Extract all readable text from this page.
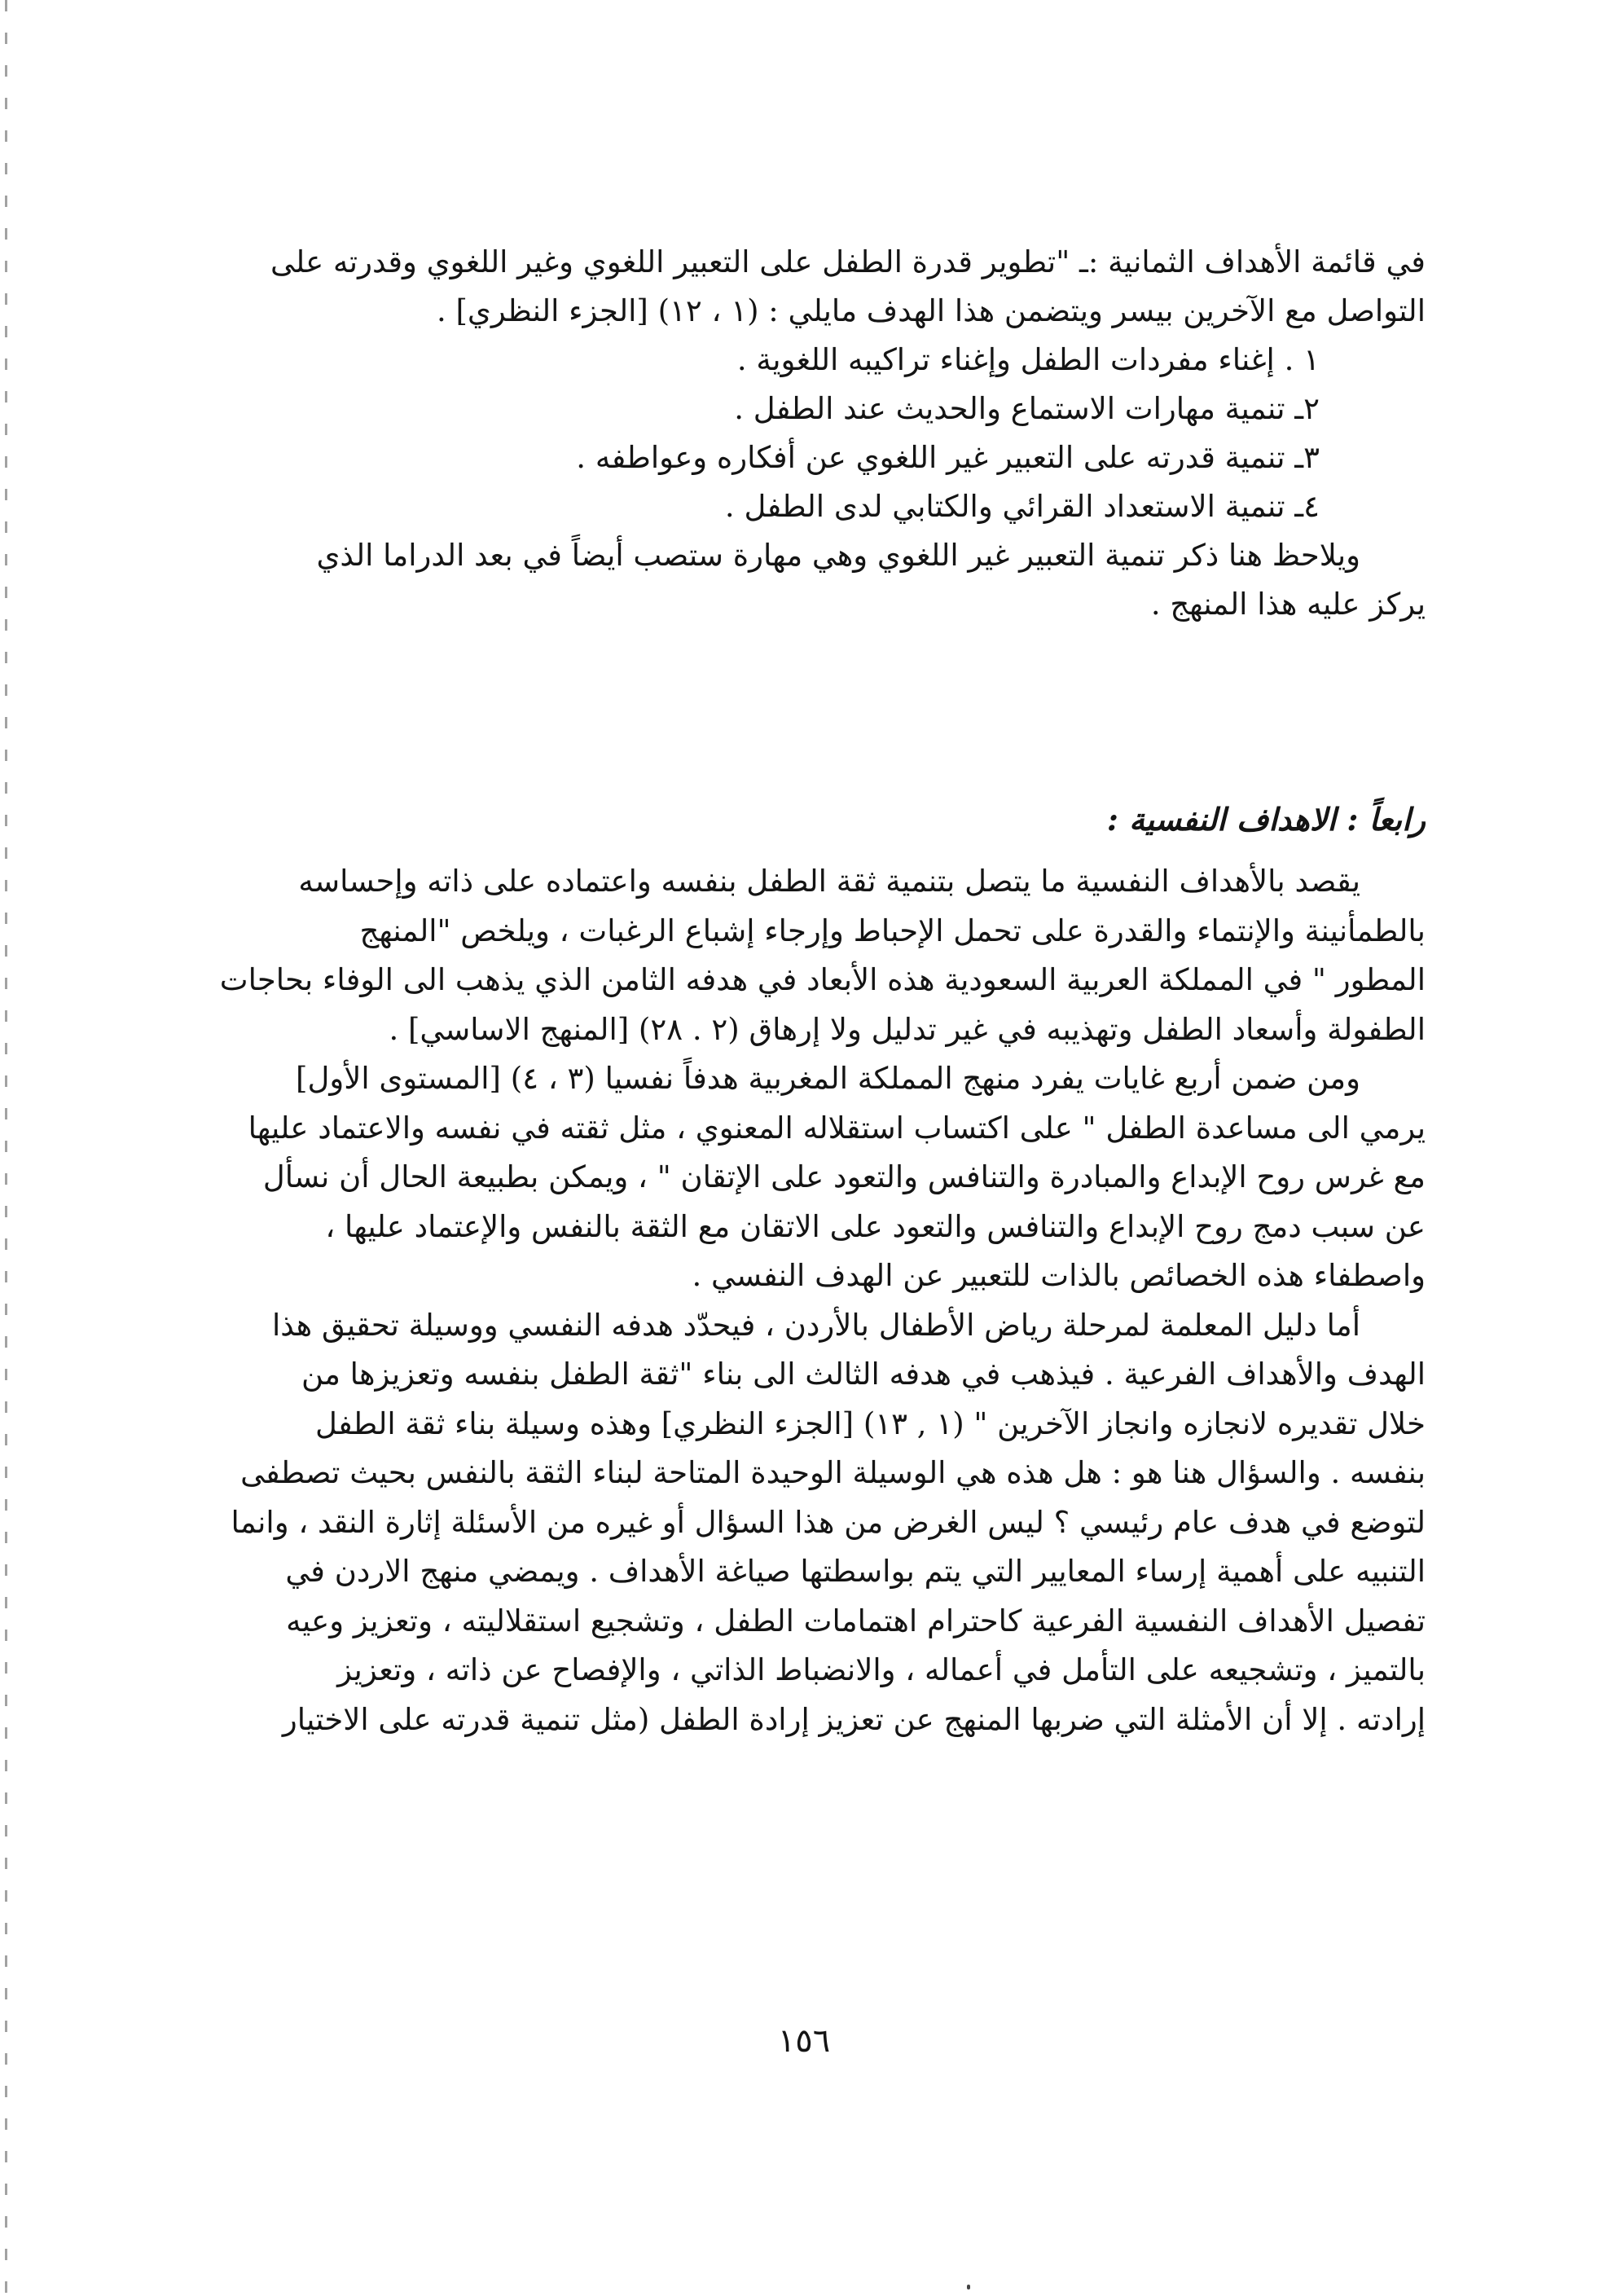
في قائمة الأهداف الثمانية :ـ "تطوير قدرة الطفل على التعبير اللغوي وغير اللغوي وقدرته على
التواصل مع الآخرين بيسر ويتضمن هذا الهدف مايلي : (١ ، ١٢) [الجزء النظري] .
١ . إغناء مفردات الطفل وإغناء تراكيبه اللغوية .
٢ـ تنمية مهارات الاستماع والحديث عند الطفل .
٣ـ تنمية قدرته على التعبير غير اللغوي عن أفكاره وعواطفه .
٤ـ تنمية الاستعداد القرائي والكتابي لدى الطفل .
ويلاحظ هنا ذكر تنمية التعبير غير اللغوي وهي مهارة ستصب أيضاً في بعد الدراما الذي
يركز عليه هذا المنهج .
رابعاً : الاهداف النفسية :
يقصد بالأهداف النفسية ما يتصل بتنمية ثقة الطفل بنفسه واعتماده على ذاته وإحساسه
بالطمأنينة والإنتماء والقدرة على تحمل الإحباط وإرجاء إشباع الرغبات ، ويلخص "المنهج
المطور " في المملكة العربية السعودية هذه الأبعاد في هدفه الثامن الذي يذهب الى الوفاء بحاجات
الطفولة وأسعاد الطفل وتهذيبه في غير تدليل ولا إرهاق (٢ . ٢٨) [المنهج الاساسي] .
ومن ضمن أربع غايات يفرد منهج المملكة المغربية هدفاً نفسيا (٣ ، ٤) [المستوى الأول]
يرمي الى مساعدة الطفل " على اكتساب استقلاله المعنوي ، مثل ثقته في نفسه والاعتماد عليها
مع غرس روح الإبداع والمبادرة والتنافس والتعود على الإتقان " ، ويمكن بطبيعة الحال أن نسأل
عن سبب دمج روح الإبداع والتنافس والتعود على الاتقان مع الثقة بالنفس والإعتماد عليها ،
واصطفاء هذه الخصائص بالذات للتعبير عن الهدف النفسي .
أما دليل المعلمة لمرحلة رياض الأطفال بالأردن ، فيحدّد هدفه النفسي ووسيلة تحقيق هذا
الهدف والأهداف الفرعية . فيذهب في هدفه الثالث الى بناء "ثقة الطفل بنفسه وتعزيزها من
خلال تقديره لانجازه وانجاز الآخرين " (١ , ١٣) [الجزء النظري] وهذه وسيلة بناء ثقة الطفل
بنفسه . والسؤال هنا هو : هل هذه هي الوسيلة الوحيدة المتاحة لبناء الثقة بالنفس بحيث تصطفى
لتوضع في هدف عام رئيسي ؟ ليس الغرض من هذا السؤال أو غيره من الأسئلة إثارة النقد ، وانما
التنبيه على أهمية إرساء المعايير التي يتم بواسطتها صياغة الأهداف . ويمضي منهج الاردن في
تفصيل الأهداف النفسية الفرعية كاحترام اهتمامات الطفل ، وتشجيع استقلاليته ، وتعزيز وعيه
بالتميز ، وتشجيعه على التأمل في أعماله ، والانضباط الذاتي ، والإفصاح عن ذاته ، وتعزيز
إرادته . إلا أن الأمثلة التي ضربها المنهج عن تعزيز إرادة الطفل (مثل تنمية قدرته على الاختيار
١٥٦
